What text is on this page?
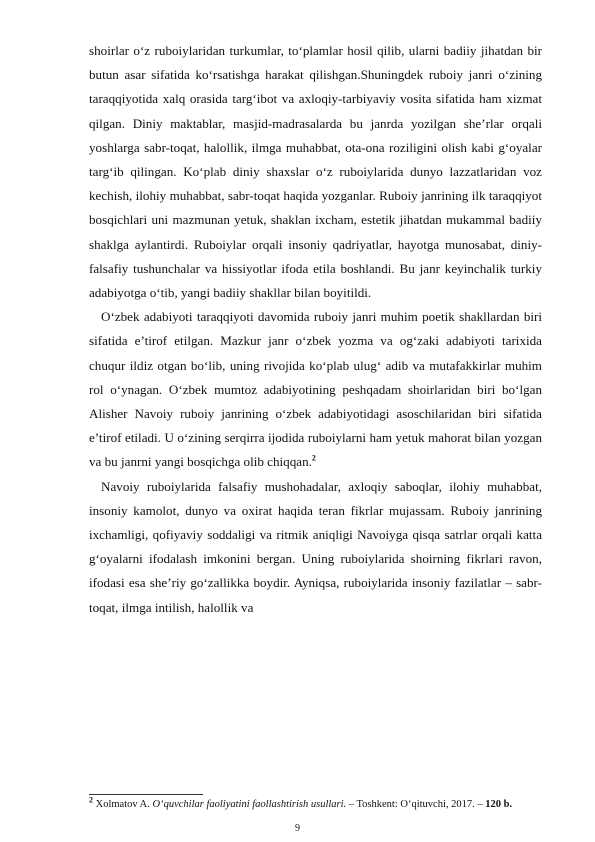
shoirlar o‘z ruboiylaridan turkumlar, to‘plamlar hosil qilib, ularni badiiy jihatdan bir butun asar sifatida ko‘rsatishga harakat qilishgan.Shuningdek ruboiy janri o‘zining taraqqiyotida xalq orasida targ‘ibot va axloqiy-tarbiyaviy vosita sifatida ham xizmat qilgan. Diniy maktablar, masjid-madrasalarda bu janrda yozilgan she’rlar orqali yoshlarga sabr-toqat, halollik, ilmga muhabbat, ota-ona roziligini olish kabi g‘oyalar targ‘ib qilingan. Ko‘plab diniy shaxslar o‘z ruboiylarida dunyo lazzatlaridan voz kechish, ilohiy muhabbat, sabr-toqat haqida yozganlar. Ruboiy janrining ilk taraqqiyot bosqichlari uni mazmunan yetuk, shaklan ixcham, estetik jihatdan mukammal badiiy shaklga aylantirdi. Ruboiylar orqali insoniy qadriyatlar, hayotga munosabat, diniy-falsafiy tushunchalar va hissiyotlar ifoda etila boshlandi. Bu janr keyinchalik turkiy adabiyotga o‘tib, yangi badiiy shakllar bilan boyitildi.

O‘zbek adabiyoti taraqqiyoti davomida ruboiy janri muhim poetik shakllardan biri sifatida e’tirof etilgan. Mazkur janr o‘zbek yozma va og‘zaki adabiyoti tarixida chuqur ildiz otgan bo‘lib, uning rivojida ko‘plab ulug‘ adib va mutafakkirlar muhim rol o‘ynagan. O‘zbek mumtoz adabiyotining peshqadam shoirlaridan biri bo‘lgan Alisher Navoiy ruboiy janrining o‘zbek adabiyotidagi asoschilaridan biri sifatida e’tirof etiladi. U o‘zining serqirra ijodida ruboiylarni ham yetuk mahorat bilan yozgan va bu janrni yangi bosqichga olib chiqqan.$^2$

Navoiy ruboiylarida falsafiy mushohadalar, axloqiy saboqlar, ilohiy muhabbat, insoniy kamolot, dunyo va oxirat haqida teran fikrlar mujassam. Ruboiy janrining ixchamligi, qofiyaviy soddaligi va ritmik aniqligi Navoiyga qisqa satrlar orqali katta g‘oyalarni ifodalash imkonini bergan. Uning ruboiylarida shoirning fikrlari ravon, ifodasi esa she’riy go‘zallikka boydir. Ayniqsa, ruboiylarida insoniy fazilatlar – sabr-toqat, ilmga intilish, halollik va

$^2$ Xolmatov A. O‘quvchilar faoliyatini faollashtirish usullari. – Toshkent: O‘qituvchi, 2017. – 120 b.
9
